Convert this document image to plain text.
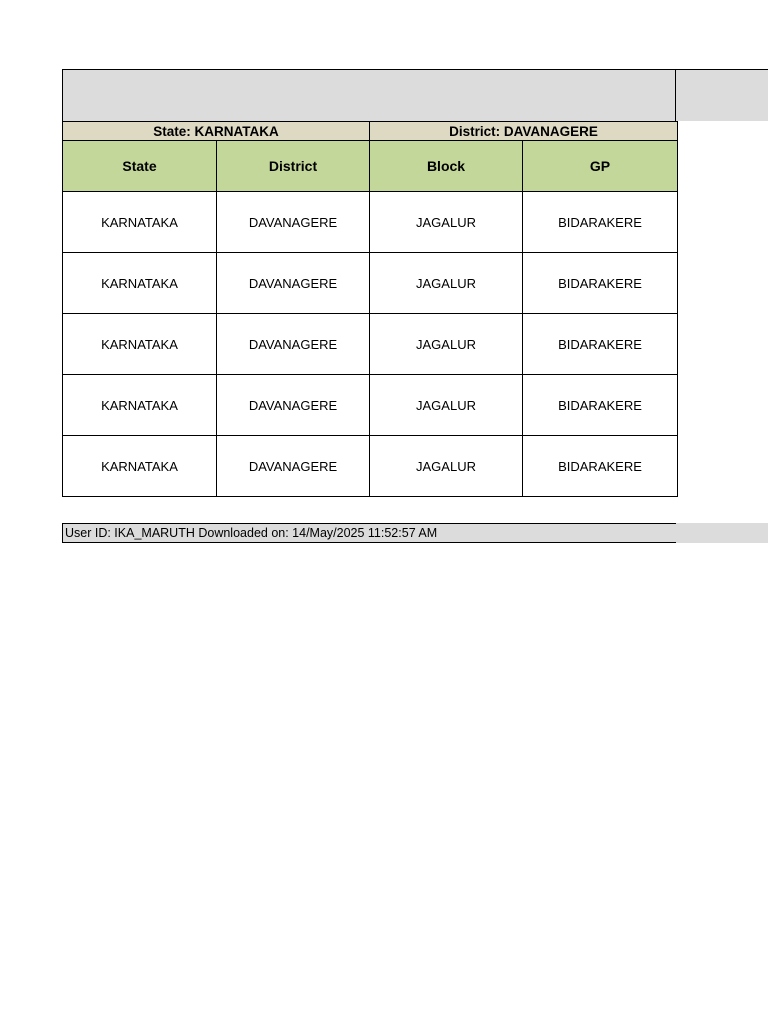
State: KARNATAKA		District: DAVANAGERE	
State	District	Block	GP
KARNATAKA	DAVANAGERE	JAGALUR	BIDARAKERE
KARNATAKA	DAVANAGERE	JAGALUR	BIDARAKERE
KARNATAKA	DAVANAGERE	JAGALUR	BIDARAKERE
KARNATAKA	DAVANAGERE	JAGALUR	BIDARAKERE
KARNATAKA	DAVANAGERE	JAGALUR	BIDARAKERE
User ID: IKA_MARUTH Downloaded on: 14/May/2025 11:52:57 AM
